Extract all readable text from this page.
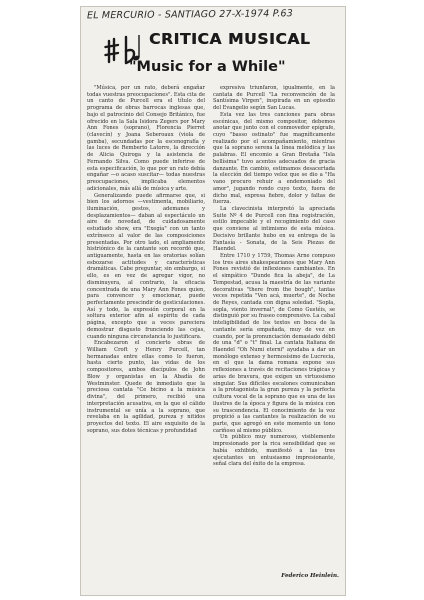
EL MERCURIO - SANTIAGO 27-X-1974 P.63
CRITICA MUSICAL
"Music for a While"

"Música, por un rato, deberá engañar todas vuestras preocupaciones". Esta cita de un canto de Purcell era el título del programa de obras barrocas inglesas que, bajo el patrocinio del Consejo Británico, fue ofrecido en la Sala Isidora Zegers por Mary Ann Fones (soprano), Florencia Pierret (clavecín) y Joana Seberoaux (viola de gamba), secundadas por la escenografía y las luces de Remberto Latorre, la dirección de Alicia Quiroga y la asistencia de Fernando Silva. Como puede inferirse de esta especificación, lo que por un rato debía engañar —o acaso suscitar— todas nuestras preocupaciones, implicaba elementos adicionales, más allá de música y arte.

Generalizando puede afirmarse que, si bien los adornos —vestimenta, mobiliario, iluminación, gestos, ademanes y desplazamientos— daban al espectáculo un aire de novedad, de cuidadosamente estudiado show, era "Exegía" con un tanto extrínseco al valor de las composiciones presentadas. Por otro lado, el ampliamente histriónico de la cantante son recordó que, antiguamente, hasta en las oratorias solían esbozarse actitudes y características dramáticas. Cabe preguntar, sin embargo, si ello, es en vez de agregar vigor, no disminuyera, al contrario, la eficacia concentrada de una Mary Ann Fones quien, para convencer y emocionar, puede perfectamente prescindir de gesticulaciones. Así y todo, la expresión corporal en la soltura exterior afin al espíritu de cada página, excepto que a veces pareciera demostrar disgusto frunciendo las cejas, cuando ninguna circunstancia lo justificara.

Encabezaron el concierto obras de William Croft y Henry Purcell, tan hermanadas entre ellas como lo fueron, hasta cierto punto, las vidas de los compositores, ambos discípulos de John Blow y organistas en la Abadía de Westminster. Quede de inmediato que la preciosa cantata "Ce bicino a la música divina", del primero, recibió una interpretación acusativa, en la que el cálido instrumental se unía a la soprano, que revelaba en la agilidad, pureza y nitidos proyectos del texto. El aire exquisito de la soprano, sus dotes técnicas y profundidad

expresiva triunfaron, igualmente, en la cantata de Purcell "La reconvención de la Santísima Virgen", inspirada en un episodio del Evangelio según San Lucas.

Esta vez las tres canciones para obras escénicas, del mismo compositor, debemos anotar que junto con el conmovedor epígrafe, cuyo "basso ostinato" fue magníficamente realizado por el acompañamiento, mientras que la soprano serena la línea melódica y las palabras. El encomio a Gran Bretaña "Isla bellísima" tuvo acentos adecuados de gracia danzante. En cambio, estimamos desacertada la elección del tiempo veloz que se dio a "Ha vano procuro rehuir a endemoniado del amor", jugando rondo cuyo texto, fuera de dicho mal, expresa fiebre, dolor y faltas de fuerza.

La clavecinista interpretó la apreciada Suite Nº 4 de Purcell con fina registración, estilo impecable y el recogimiento del caso que conviene al intimismo de esta música. Decisivo brillante hubo en su entrega de la Fantasía - Sonata, de la Seis Piezas de Haendel.

Entre 1710 y 1759, Thomas Arne compuso los tres aires shakespearianos que Mary Ann Fones revistió de inflexiones cambiantes. En el simpático "Dunde fica la abeja", de La Tempestad, acusa la maestría de las variante decorativas "there from the bough", tantas veces repetida "Ven acá, muerte", de Noche de Reyes, cantada con digna soledad. "Sopla, sopla, viento invernal", de Como Gustéis, se distinguió por su fraseo comprensivo. La cabal inteligibilidad de los textos en boca de la cantante sería empañada, muy de vez en cuando, por la pronunciación demasiado débil de una "d" o "t" final. La cantata Italiana de Haendel "Oh Numi eterni" ayudaba a dar un monólogo extenso y hermosísimo de Lucrecia, en el que la dama romana expone sus reflexiones a través de recitaciones trágicas y arias de bravura, que exigen un virtuosismo singular. Sus difíciles escalones comunicaban a la protagonista la gran pureza y la perfecta cultura vocal de la soprano que es una de las ilustres de la época y figura de la música con su trascendencia. El conocimiento de la voz propició a las cantantes la realización de su parte, que agregó en este momento un tono cariñoso al mismo público.

Un público muy numeroso, visiblemente impresionado por la rica sensibilidad que se había exhibido, manifestó a las tres ejecutantes un entusiasmo impresionante, señal clara del éxito de la empresa.

Federico Heinlein.
